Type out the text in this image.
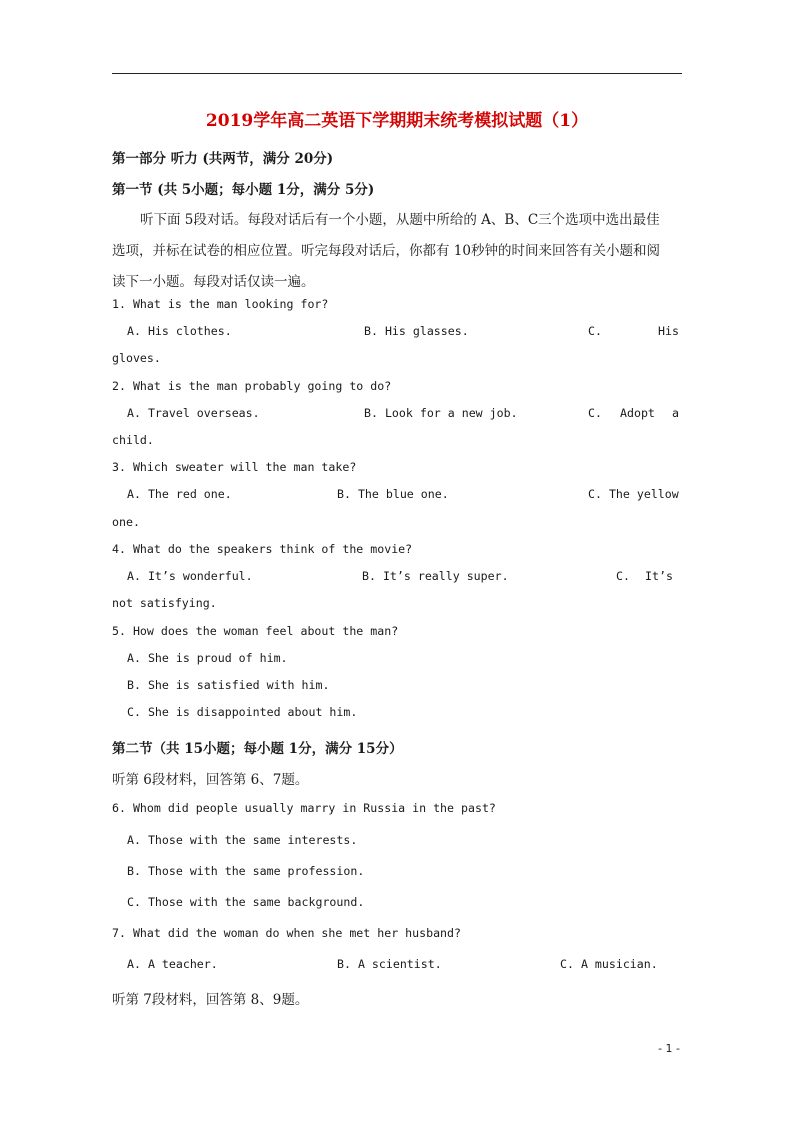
2019学年高二英语下学期期末统考模拟试题（1）
第一部分 听力 (共两节，满分 20分)
第一节 (共 5小题；每小题 1分，满分 5分)
听下面 5段对话。每段对话后有一个小题，从题中所给的 A、B、C三个选项中选出最佳
选项，并标在试卷的相应位置。听完每段对话后，你都有 10秒钟的时间来回答有关小题和阅
读下一小题。每段对话仅读一遍。
1. What is the man looking for?
A. His clothes.	B. His glasses.	C.	His
gloves.
2. What is the man probably going to do?
A. Travel overseas.	B. Look for a new job.	C. Adopt a
child.
3. Which sweater will the man take?
A. The red one.	B. The blue one.	C. The yellow
one.
4. What do the speakers think of the movie?
A. It’s wonderful.	B. It’s really super.	C. It’s
not satisfying.
5. How does the woman feel about the man?
A. She is proud of him.
B. She is satisfied with him.
C. She is disappointed about him.
第二节（共 15小题；每小题 1分，满分 15分）
听第 6段材料，回答第 6、7题。
6. Whom did people usually marry in Russia in the past?
A. Those with the same interests.
B. Those with the same profession.
C. Those with the same background.
7. What did the woman do when she met her husband?
A. A teacher.	B. A scientist.	C. A musician.
听第 7段材料，回答第 8、9题。
- 1 -
